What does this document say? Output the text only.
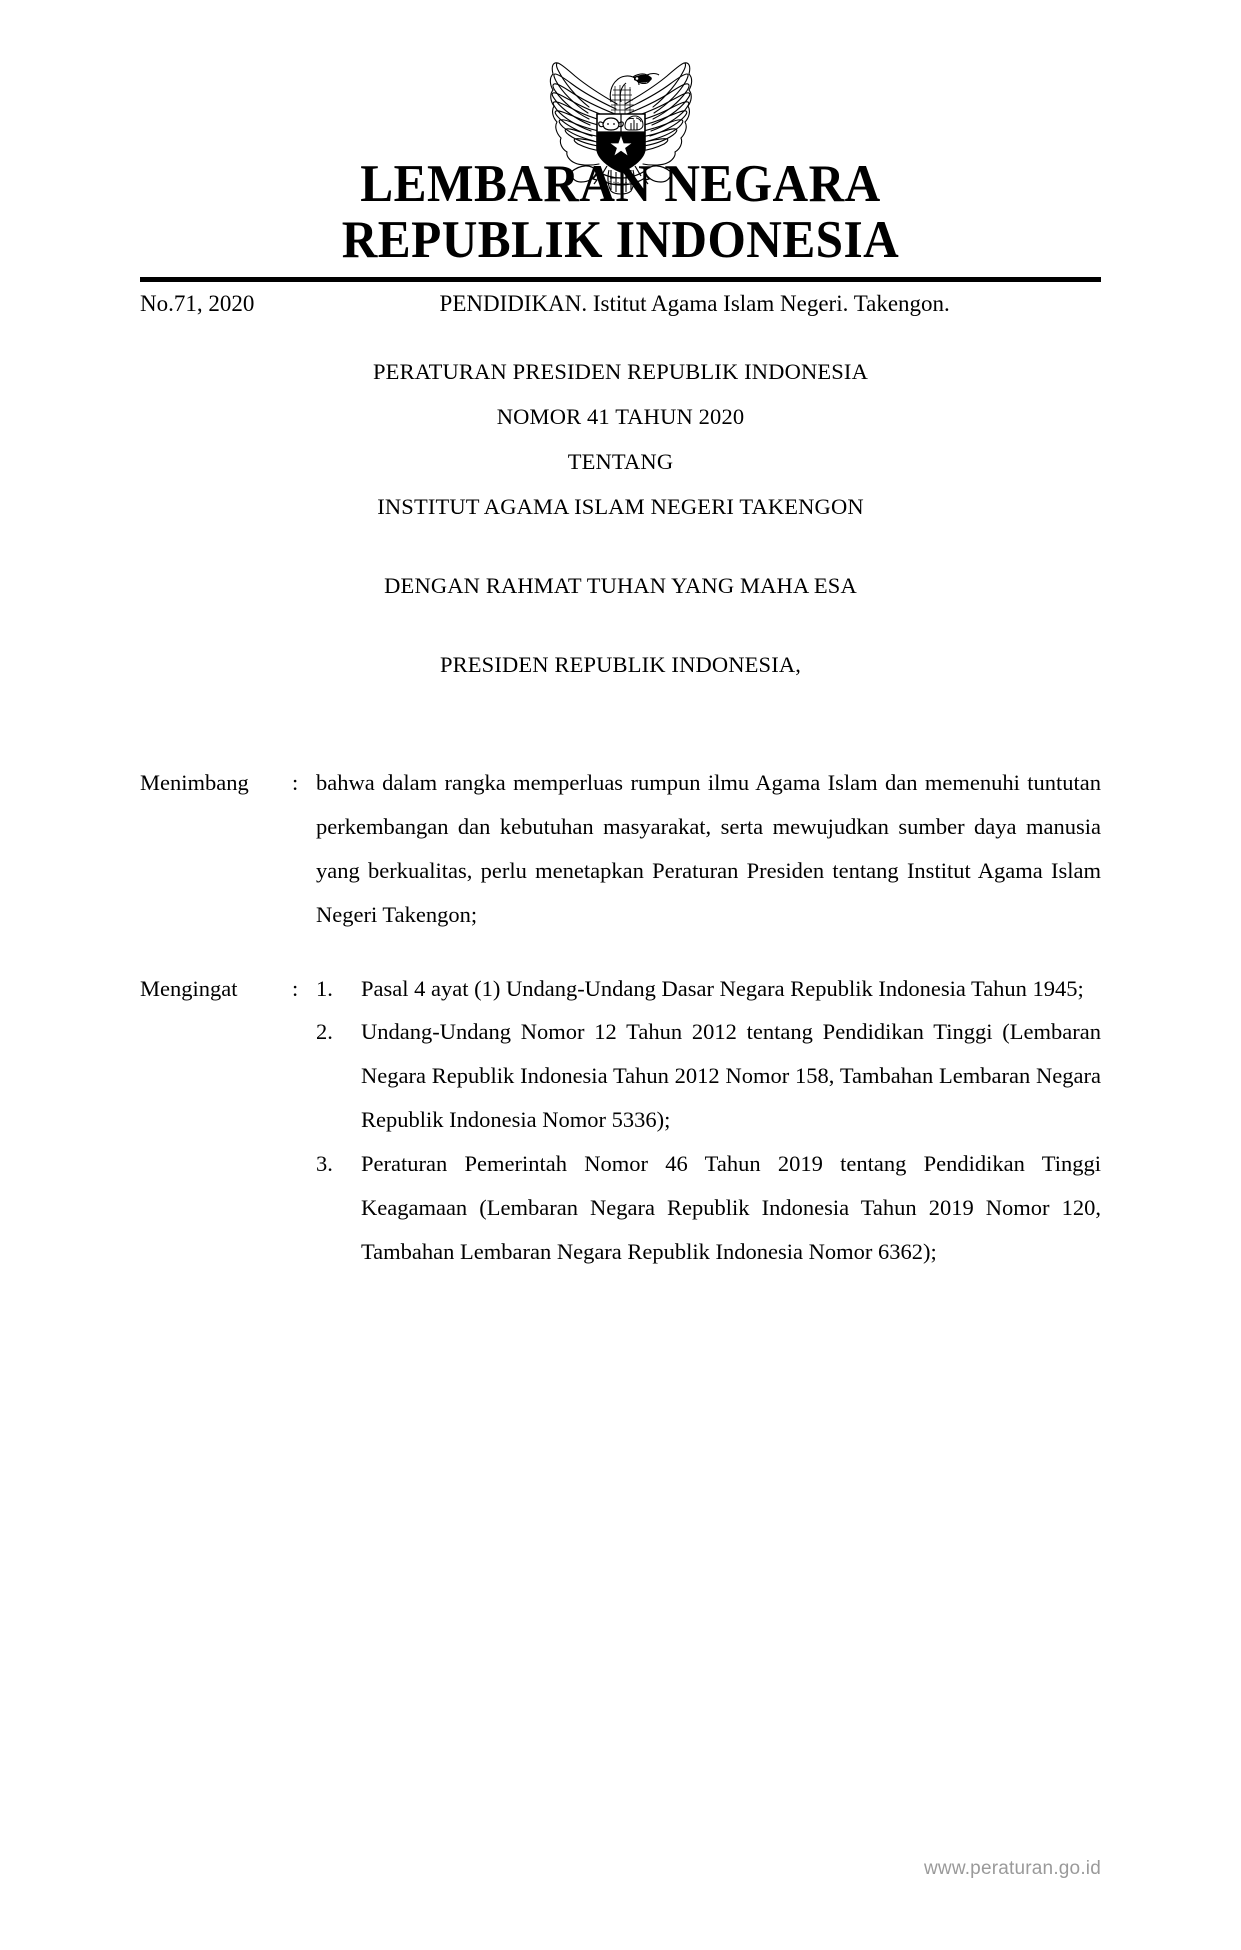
LEMBARAN NEGARA
REPUBLIK INDONESIA
No.71, 2020	PENDIDIKAN. Istitut Agama Islam Negeri. Takengon.
PERATURAN PRESIDEN REPUBLIK INDONESIA
NOMOR 41 TAHUN 2020
TENTANG
INSTITUT AGAMA ISLAM NEGERI TAKENGON
DENGAN RAHMAT TUHAN YANG MAHA ESA
PRESIDEN REPUBLIK INDONESIA,
Menimbang	: bahwa dalam rangka memperluas rumpun ilmu Agama Islam dan memenuhi tuntutan perkembangan dan kebutuhan masyarakat, serta mewujudkan sumber daya manusia yang berkualitas, perlu menetapkan Peraturan Presiden tentang Institut Agama Islam Negeri Takengon;

Mengingat	: 1.	Pasal 4 ayat (1) Undang-Undang Dasar Negara Republik Indonesia Tahun 1945;
2.	Undang-Undang Nomor 12 Tahun 2012 tentang Pendidikan Tinggi (Lembaran Negara Republik Indonesia Tahun 2012 Nomor 158, Tambahan Lembaran Negara Republik Indonesia Nomor 5336);
3.	Peraturan Pemerintah Nomor 46 Tahun 2019 tentang Pendidikan Tinggi Keagamaan (Lembaran Negara Republik Indonesia Tahun 2019 Nomor 120, Tambahan Lembaran Negara Republik Indonesia Nomor 6362);
www.peraturan.go.id
